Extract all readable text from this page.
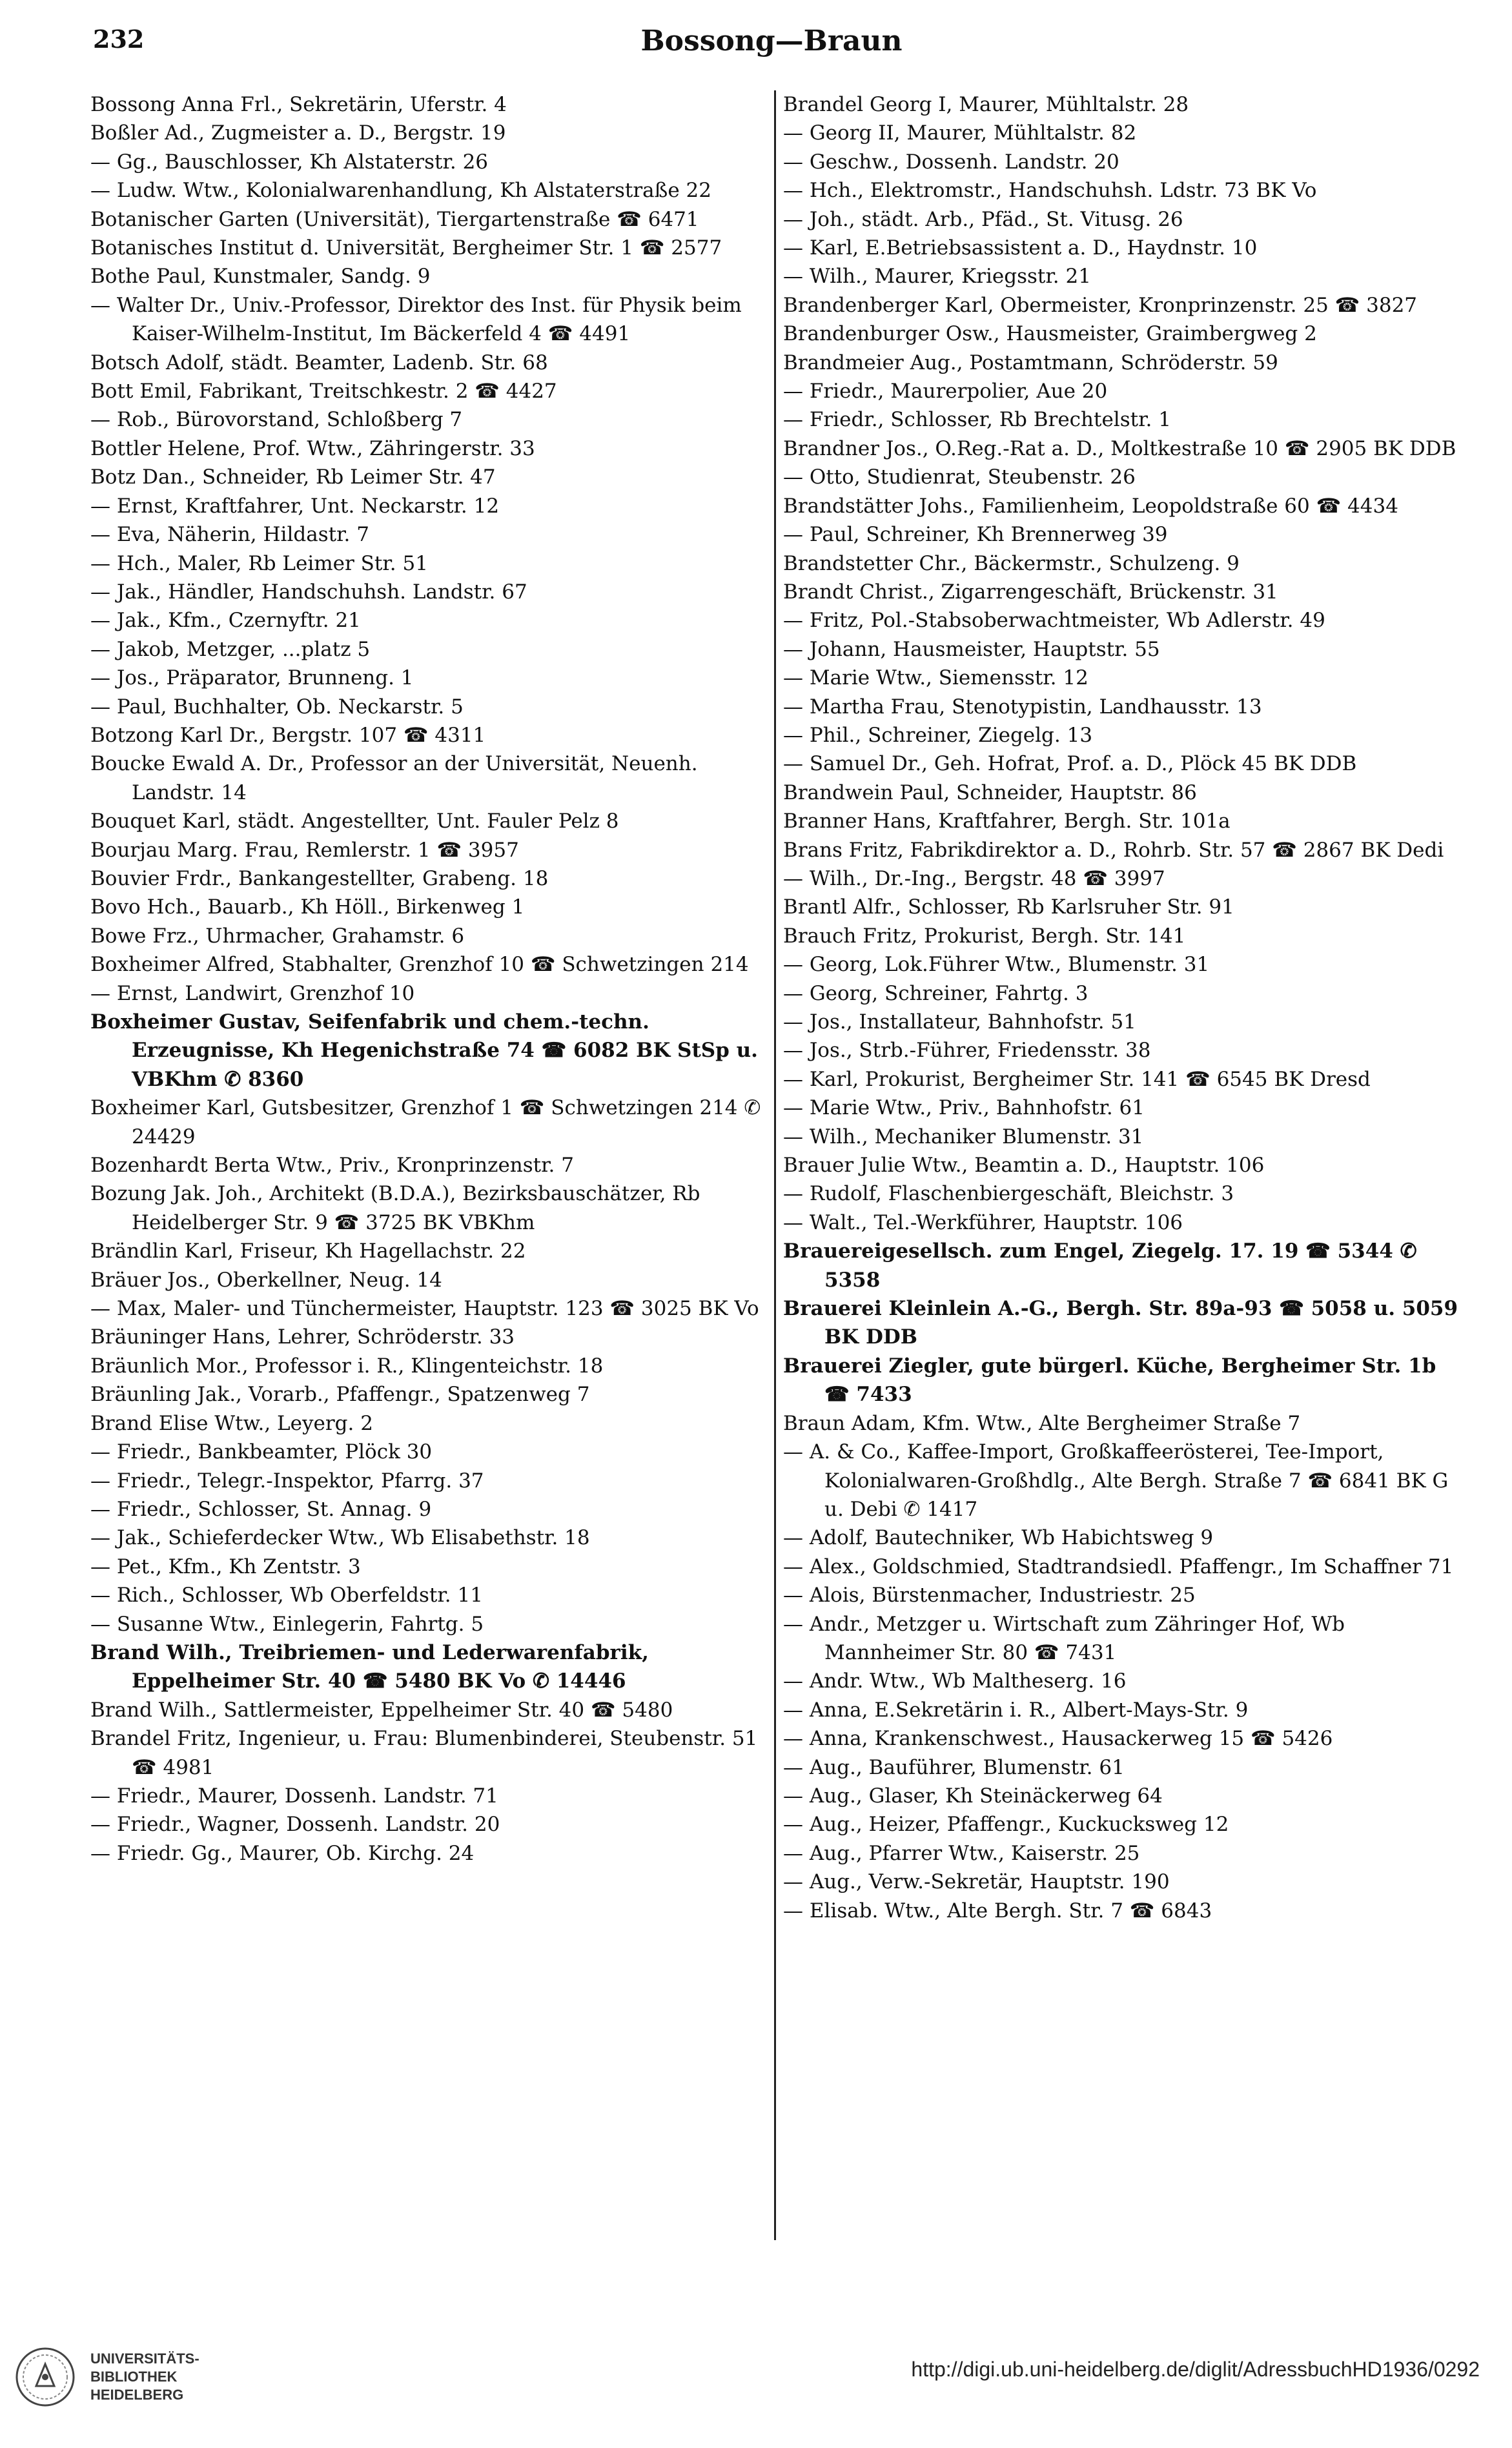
232	Bossong—Braun

Bossong Anna Frl., Sekretärin, Uferstr. 4

Boßler Ad., Zugmeister a. D., Bergstr. 19

— Gg., Bauschlosser, Kh Alstaterstr. 26

— Ludw. Wtw., Kolonialwarenhandlung, Kh Alstaterstraße 22

Botanischer Garten (Universität), Tiergartenstraße ☎ 6471

Botanisches Institut d. Universität, Bergheimer Str. 1 ☎ 2577

Bothe Paul, Kunstmaler, Sandg. 9

— Walter Dr., Univ.-Professor, Direktor des Inst. für Physik beim Kaiser-Wilhelm-Institut, Im Bäckerfeld 4 ☎ 4491

Botsch Adolf, städt. Beamter, Ladenb. Str. 68

Bott Emil, Fabrikant, Treitschkestr. 2 ☎ 4427

— Rob., Bürovorstand, Schloßberg 7

Bottler Helene, Prof. Wtw., Zähringerstr. 33

Botz Dan., Schneider, Rb Leimer Str. 47

— Ernst, Kraftfahrer, Unt. Neckarstr. 12

— Eva, Näherin, Hildastr. 7

— Hch., Maler, Rb Leimer Str. 51

— Jak., Händler, Handschuhsh. Landstr. 67

— Jak., Kfm., Czernyftr. 21

— Jakob, Metzger, ...platz 5

— Jos., Präparator, Brunneng. 1

— Paul, Buchhalter, Ob. Neckarstr. 5

Botzong Karl Dr., Bergstr. 107 ☎ 4311

Boucke Ewald A. Dr., Professor an der Universität, Neuenh. Landstr. 14

Bouquet Karl, städt. Angestellter, Unt. Fauler Pelz 8

Bourjau Marg. Frau, Remlerstr. 1 ☎ 3957

Bouvier Frdr., Bankangestellter, Grabeng. 18

Bovo Hch., Bauarb., Kh Höll., Birkenweg 1

Bowe Frz., Uhrmacher, Grahamstr. 6

Boxheimer Alfred, Stabhalter, Grenzhof 10 ☎ Schwetzingen 214

— Ernst, Landwirt, Grenzhof 10

Boxheimer Gustav, Seifenfabrik und chem.-techn. Erzeugnisse, Kh Hegenichstraße 74 ☎ 6082 BK StSp u. VBKhm ✆ 8360

Boxheimer Karl, Gutsbesitzer, Grenzhof 1 ☎ Schwetzingen 214 ✆ 24429

Bozenhardt Berta Wtw., Priv., Kronprinzenstr. 7

Bozung Jak. Joh., Architekt (B.D.A.), Bezirksbauschätzer, Rb Heidelberger Str. 9 ☎ 3725 BK VBKhm

Brändlin Karl, Friseur, Kh Hagellachstr. 22

Bräuer Jos., Oberkellner, Neug. 14

— Max, Maler- und Tünchermeister, Hauptstr. 123 ☎ 3025 BK Vo

Bräuninger Hans, Lehrer, Schröderstr. 33

Bräunlich Mor., Professor i. R., Klingenteichstr. 18

Bräunling Jak., Vorarb., Pfaffengr., Spatzenweg 7

Brand Elise Wtw., Leyerg. 2

— Friedr., Bankbeamter, Plöck 30

— Friedr., Telegr.-Inspektor, Pfarrg. 37

— Friedr., Schlosser, St. Annag. 9

— Jak., Schieferdecker Wtw., Wb Elisabethstr. 18

— Pet., Kfm., Kh Zentstr. 3

— Rich., Schlosser, Wb Oberfeldstr. 11

— Susanne Wtw., Einlegerin, Fahrtg. 5

Brand Wilh., Treibriemen- und Lederwarenfabrik, Eppelheimer Str. 40 ☎ 5480 BK Vo ✆ 14446

Brand Wilh., Sattlermeister, Eppelheimer Str. 40 ☎ 5480

Brandel Fritz, Ingenieur, u. Frau: Blumenbinderei, Steubenstr. 51 ☎ 4981

— Friedr., Maurer, Dossenh. Landstr. 71

— Friedr., Wagner, Dossenh. Landstr. 20

— Friedr. Gg., Maurer, Ob. Kirchg. 24

Brandel Georg I, Maurer, Mühltalstr. 28

— Georg II, Maurer, Mühltalstr. 82

— Geschw., Dossenh. Landstr. 20

— Hch., Elektromstr., Handschuhsh. Ldstr. 73 BK Vo

— Joh., städt. Arb., Pfäd., St. Vitusg. 26

— Karl, E.Betriebsassistent a. D., Haydnstr. 10

— Wilh., Maurer, Kriegsstr. 21

Brandenberger Karl, Obermeister, Kronprinzenstr. 25 ☎ 3827

Brandenburger Osw., Hausmeister, Graimbergweg 2

Brandmeier Aug., Postamtmann, Schröderstr. 59

— Friedr., Maurerpolier, Aue 20

— Friedr., Schlosser, Rb Brechtelstr. 1

Brandner Jos., O.Reg.-Rat a. D., Moltkestraße 10 ☎ 2905 BK DDB

— Otto, Studienrat, Steubenstr. 26

Brandstätter Johs., Familienheim, Leopoldstraße 60 ☎ 4434

— Paul, Schreiner, Kh Brennerweg 39

Brandstetter Chr., Bäckermstr., Schulzeng. 9

Brandt Christ., Zigarrengeschäft, Brückenstr. 31

— Fritz, Pol.-Stabsoberwachtmeister, Wb Adlerstr. 49

— Johann, Hausmeister, Hauptstr. 55

— Marie Wtw., Siemensstr. 12

— Martha Frau, Stenotypistin, Landhausstr. 13

— Phil., Schreiner, Ziegelg. 13

— Samuel Dr., Geh. Hofrat, Prof. a. D., Plöck 45 BK DDB

Brandwein Paul, Schneider, Hauptstr. 86

Branner Hans, Kraftfahrer, Bergh. Str. 101a

Brans Fritz, Fabrikdirektor a. D., Rohrb. Str. 57 ☎ 2867 BK Dedi

— Wilh., Dr.-Ing., Bergstr. 48 ☎ 3997

Brantl Alfr., Schlosser, Rb Karlsruher Str. 91

Brauch Fritz, Prokurist, Bergh. Str. 141

— Georg, Lok.Führer Wtw., Blumenstr. 31

— Georg, Schreiner, Fahrtg. 3

— Jos., Installateur, Bahnhofstr. 51

— Jos., Strb.-Führer, Friedensstr. 38

— Karl, Prokurist, Bergheimer Str. 141 ☎ 6545 BK Dresd

— Marie Wtw., Priv., Bahnhofstr. 61

— Wilh., Mechaniker Blumenstr. 31

Brauer Julie Wtw., Beamtin a. D., Hauptstr. 106

— Rudolf, Flaschenbiergeschäft, Bleichstr. 3

— Walt., Tel.-Werkführer, Hauptstr. 106

Brauereigesellsch. zum Engel, Ziegelg. 17. 19 ☎ 5344 ✆ 5358

Brauerei Kleinlein A.-G., Bergh. Str. 89a-93 ☎ 5058 u. 5059 BK DDB

Brauerei Ziegler, gute bürgerl. Küche, Bergheimer Str. 1b ☎ 7433

Braun Adam, Kfm. Wtw., Alte Bergheimer Straße 7

— A. & Co., Kaffee-Import, Großkaffeerösterei, Tee-Import, Kolonialwaren-Großhdlg., Alte Bergh. Straße 7 ☎ 6841 BK G u. Debi ✆ 1417

— Adolf, Bautechniker, Wb Habichtsweg 9

— Alex., Goldschmied, Stadtrandsiedl. Pfaffengr., Im Schaffner 71

— Alois, Bürstenmacher, Industriestr. 25

— Andr., Metzger u. Wirtschaft zum Zähringer Hof, Wb Mannheimer Str. 80 ☎ 7431

— Andr. Wtw., Wb Maltheserg. 16

— Anna, E.Sekretärin i. R., Albert-Mays-Str. 9

— Anna, Krankenschwest., Hausackerweg 15 ☎ 5426

— Aug., Bauführer, Blumenstr. 61

— Aug., Glaser, Kh Steinäckerweg 64

— Aug., Heizer, Pfaffengr., Kuckucksweg 12

— Aug., Pfarrer Wtw., Kaiserstr. 25

— Aug., Verw.-Sekretär, Hauptstr. 190

— Elisab. Wtw., Alte Bergh. Str. 7 ☎ 6843

UNIVERSITÄTS-
BIBLIOTHEK
HEIDELBERG
http://digi.ub.uni-heidelberg.de/diglit/AdressbuchHD1936/0292
